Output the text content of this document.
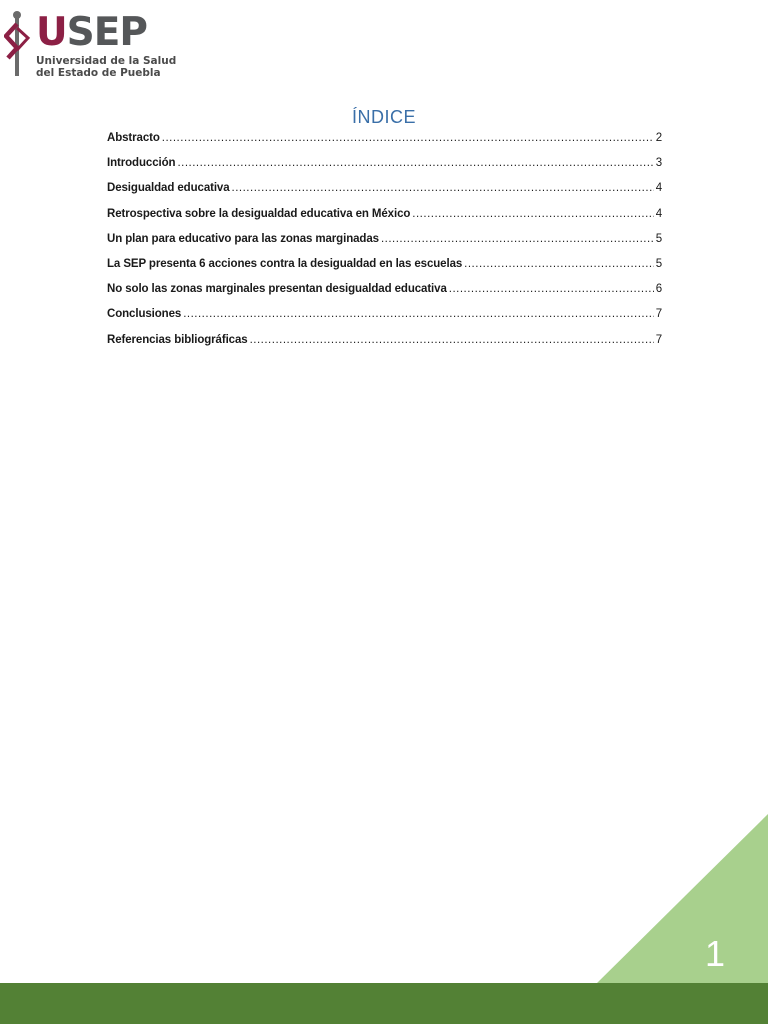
USEP
Universidad de la Salud
del Estado de Puebla
ÍNDICE
Abstracto .....	2
Introducción .....	3
Desigualdad educativa .....	4
Retrospectiva sobre la desigualdad educativa en México .....	4
Un plan para educativo para las zonas marginadas .....	5
La SEP presenta 6 acciones contra la desigualdad en las escuelas .....	5
No solo las zonas marginales presentan desigualdad educativa .....	6
Conclusiones .....	7
Referencias bibliográficas .....	7
1
